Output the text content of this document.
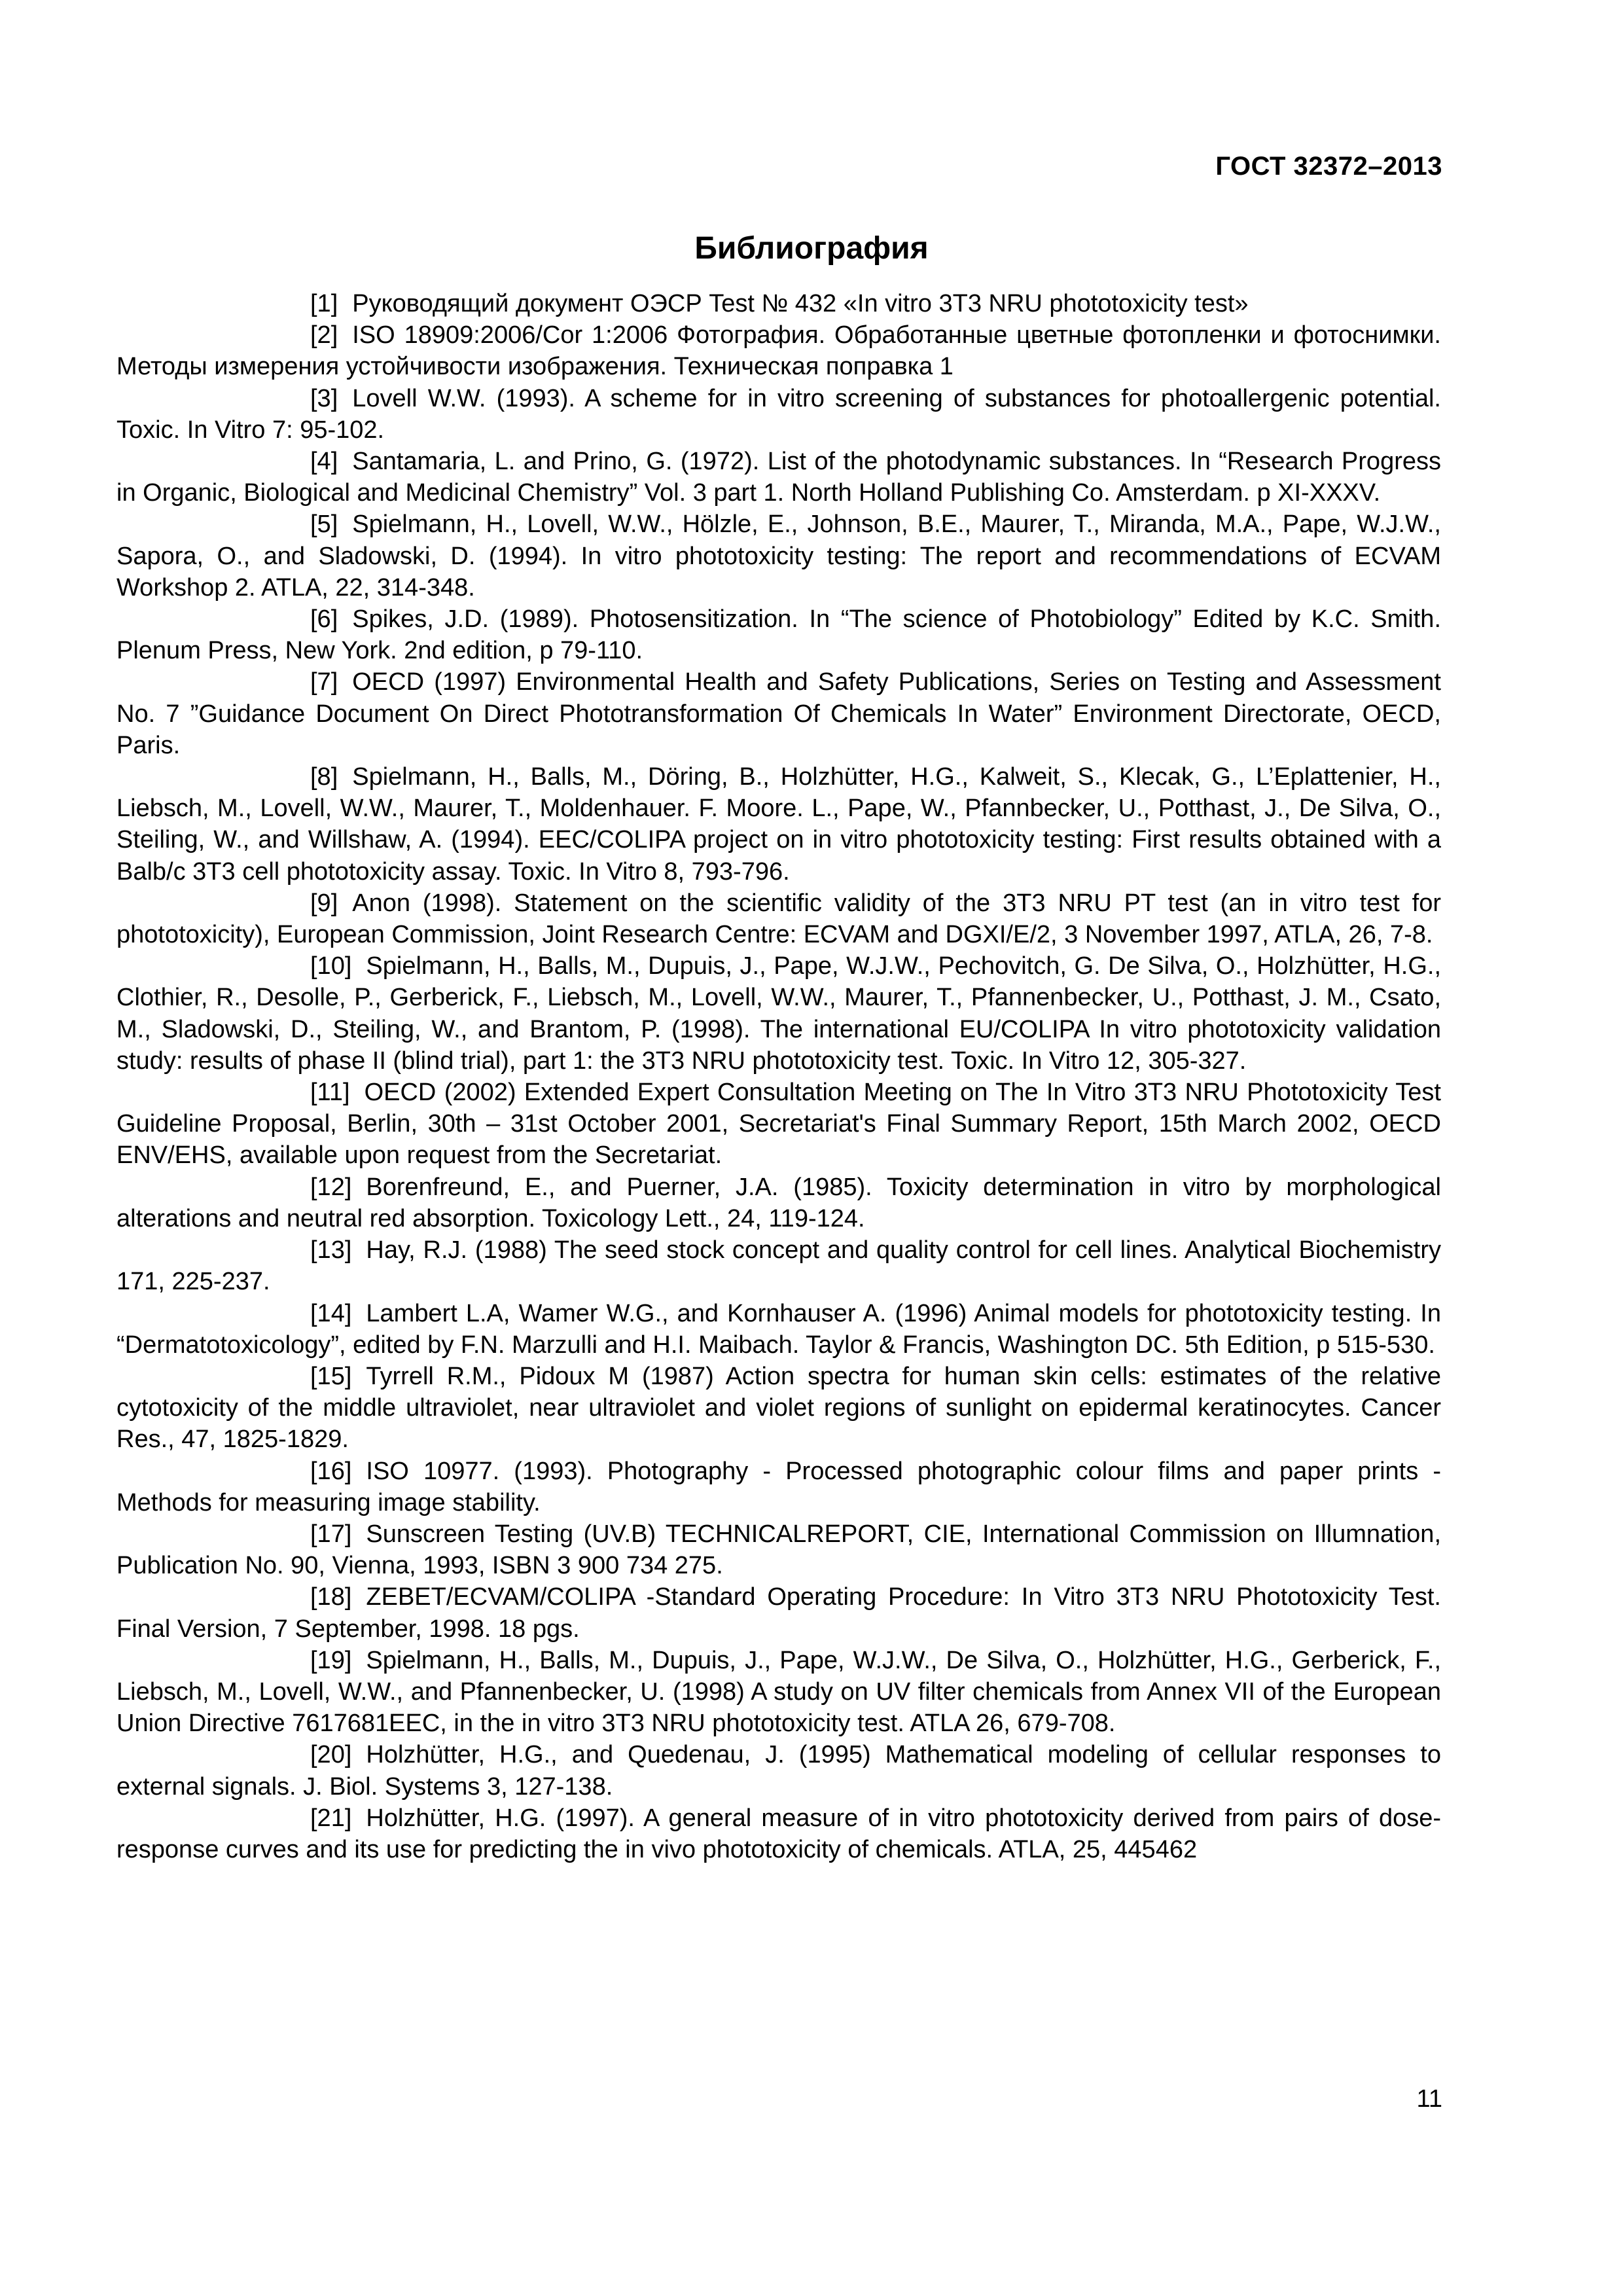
ГОСТ 32372–2013
Библиография

[1] Руководящий документ ОЭСР Test № 432 «In vitro 3T3 NRU phototoxicity test»

[2] ISO 18909:2006/Cor 1:2006 Фотография. Обработанные цветные фотопленки и фотоснимки. Методы измерения устойчивости изображения. Техническая поправка 1

[3] Lovell W.W. (1993). A scheme for in vitro screening of substances for photoallergenic potential. Toxic. In Vitro 7: 95-102.

[4] Santamaria, L. and Prino, G. (1972). List of the photodynamic substances. In “Research Progress in Organic, Biological and Medicinal Chemistry” Vol. 3 part 1. North Holland Publishing Co. Amsterdam. p XI-XXXV.

[5] Spielmann, H., Lovell, W.W., Hölzle, E., Johnson, B.E., Maurer, T., Miranda, M.A., Pape, W.J.W., Sapora, O., and Sladowski, D. (1994). In vitro phototoxicity testing: The report and recommendations of ECVAM Workshop 2. ATLA, 22, 314-348.

[6] Spikes, J.D. (1989). Photosensitization. In “The science of Photobiology” Edited by K.C. Smith. Plenum Press, New York. 2nd edition, p 79-110.

[7] OECD (1997) Environmental Health and Safety Publications, Series on Testing and Assessment No. 7 ”Guidance Document On Direct Phototransformation Of Chemicals In Water” Environment Directorate, OECD, Paris.

[8] Spielmann, H., Balls, M., Döring, B., Holzhütter, H.G., Kalweit, S., Klecak, G., L’Eplattenier, H., Liebsch, M., Lovell, W.W., Maurer, T., Moldenhauer. F. Moore. L., Pape, W., Pfannbecker, U., Potthast, J., De Silva, O., Steiling, W., and Willshaw, A. (1994). EEC/COLIPA project on in vitro phototoxicity testing: First results obtained with a Balb/c 3T3 cell phototoxicity assay. Toxic. In Vitro 8, 793-796.

[9] Anon (1998). Statement on the scientific validity of the 3T3 NRU PT test (an in vitro test for phototoxicity), European Commission, Joint Research Centre: ECVAM and DGXI/E/2, 3 November 1997, ATLA, 26, 7-8.

[10] Spielmann, H., Balls, M., Dupuis, J., Pape, W.J.W., Pechovitch, G. De Silva, O., Holzhütter, H.G., Clothier, R., Desolle, P., Gerberick, F., Liebsch, M., Lovell, W.W., Maurer, T., Pfannenbecker, U., Potthast, J. M., Csato, M., Sladowski, D., Steiling, W., and Brantom, P. (1998). The international EU/COLIPA In vitro phototoxicity validation study: results of phase II (blind trial), part 1: the 3T3 NRU phototoxicity test. Toxic. In Vitro 12, 305-327.

[11] OECD (2002) Extended Expert Consultation Meeting on The In Vitro 3T3 NRU Phototoxicity Test Guideline Proposal, Berlin, 30th – 31st October 2001, Secretariat's Final Summary Report, 15th March 2002, OECD ENV/EHS, available upon request from the Secretariat.

[12] Borenfreund, E., and Puerner, J.A. (1985). Toxicity determination in vitro by morphological alterations and neutral red absorption. Toxicology Lett., 24, 119-124.

[13] Hay, R.J. (1988) The seed stock concept and quality control for cell lines. Analytical Biochemistry 171, 225-237.

[14] Lambert L.A, Wamer W.G., and Kornhauser A. (1996) Animal models for phototoxicity testing. In “Dermatotoxicology”, edited by F.N. Marzulli and H.I. Maibach. Taylor & Francis, Washington DC. 5th Edition, p 515-530.

[15] Tyrrell R.M., Pidoux M (1987) Action spectra for human skin cells: estimates of the relative cytotoxicity of the middle ultraviolet, near ultraviolet and violet regions of sunlight on epidermal keratinocytes. Cancer Res., 47, 1825-1829.

[16] ISO 10977. (1993). Photography - Processed photographic colour films and paper prints - Methods for measuring image stability.

[17] Sunscreen Testing (UV.B) TECHNICALREPORT, CIE, International Commission on Illumnation, Publication No. 90, Vienna, 1993, ISBN 3 900 734 275.

[18] ZEBET/ECVAM/COLIPA -Standard Operating Procedure: In Vitro 3T3 NRU Phototoxicity Test. Final Version, 7 September, 1998. 18 pgs.

[19] Spielmann, H., Balls, M., Dupuis, J., Pape, W.J.W., De Silva, O., Holzhütter, H.G., Gerberick, F., Liebsch, M., Lovell, W.W., and Pfannenbecker, U. (1998) A study on UV filter chemicals from Annex VII of the European Union Directive 7617681EEC, in the in vitro 3T3 NRU phototoxicity test. ATLA 26, 679-708.

[20] Holzhütter, H.G., and Quedenau, J. (1995) Mathematical modeling of cellular responses to external signals. J. Biol. Systems 3, 127-138.

[21] Holzhütter, H.G. (1997). A general measure of in vitro phototoxicity derived from pairs of dose-response curves and its use for predicting the in vivo phototoxicity of chemicals. ATLA, 25, 445462

11
